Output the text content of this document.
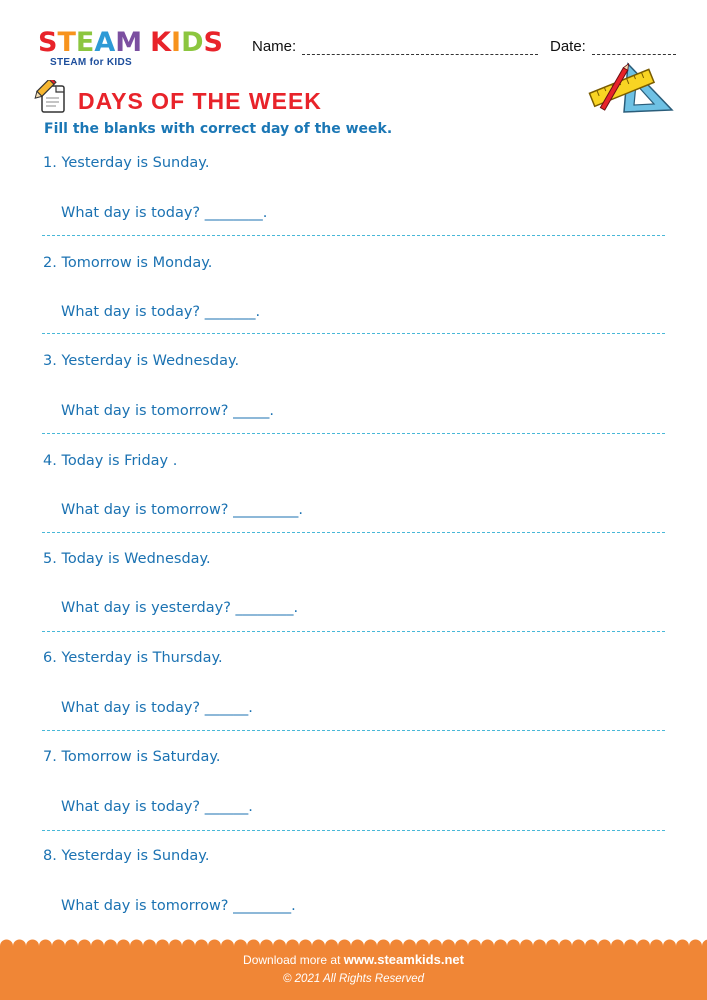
S T E A M K I D S
STEAM for KIDS
Name:	Date:
DAYS OF THE WEEK
Fill the blanks with correct day of the week.
1. Yesterday is Sunday.
What day is today? ________.
2. Tomorrow is Monday.
What day is today? _______.
3. Yesterday is Wednesday.
What day is tomorrow? _____.
4. Today is Friday .
What day is tomorrow? _________.
5. Today is Wednesday.
What day is yesterday? ________.
6. Yesterday is Thursday.
What day is today? ______.
7. Tomorrow is Saturday.
What day is today? ______.
8. Yesterday is Sunday.
What day is tomorrow? ________.
Download more at www.steamkids.net
© 2021 All Rights Reserved
